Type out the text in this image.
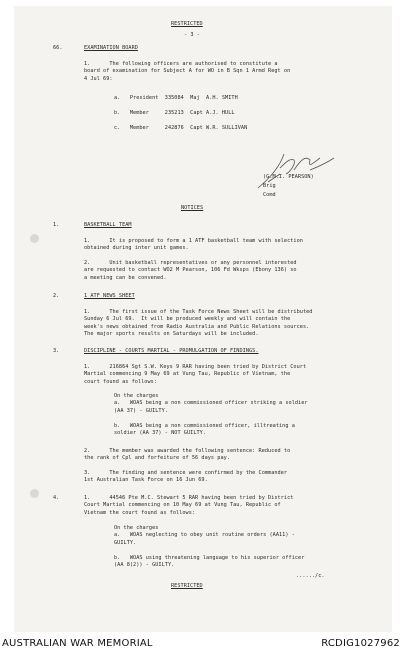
RESTRICTED
- 3 -
66.	EXAMINATION BOARD
1.      The following officers are authorised to constitute a
board of examination for Subject A for WO in B Sqn 1 Armd Regt on
4 Jul 69:
a.   President  335084  Maj  A.H. SMITH
b.   Member     235213  Capt A.J. HULL
c.   Member     242876  Capt W.R. SULLIVAN
(G.M.I. PEARSON)
Brig
Comd
NOTICES
1.	BASKETBALL TEAM
1.      It is proposed to form a 1 ATF basketball team with selection
obtained during inter unit games.
2.      Unit basketball representatives or any personnel interested
are requested to contact WO2 M Pearson, 106 Fd Wksps (Ebony 136) so
a meeting can be convened.
2.	1 ATF NEWS SHEET
1.      The first issue of the Task Force News Sheet will be distributed
Sunday 6 Jul 69.  It will be produced weekly and will contain the
week's news obtained from Radio Australia and Public Relations sources.
The major sports results on Saturdays will be included.
3.	DISCIPLINE - COURTS MARTIAL - PROMULGATION OF FINDINGS.
1.      216864 Sgt S.W. Keys 9 RAR having been tried by District Court
Martial commencing 9 May 69 at Vung Tau, Republic of Vietnam, the
court found as follows:
On the charges
a.   WOAS being a non commissioned officer striking a soldier
(AA 37) - GUILTY.

b.   WOAS being a non commissioned officer, illtreating a
soldier (AA 37) - NOT GUILTY.
2.      The member was awarded the following sentence: Reduced to
the rank of Cpl and forfeiture of 56 days pay.
3.      The finding and sentence were confirmed by the Commander
1st Australian Task Force on 16 Jun 69.
4.	1.      44546 Pte M.C. Stewart 5 RAR having been tried by District
Court Martial commencing on 10 May 69 at Vung Tau, Republic of
Vietnam the court found as follows:
On the charges
a.   WOAS neglecting to obey unit routine orders (AA11) -
GUILTY.

b.   WOAS using threatening language to his superior officer
(AA 8(2)) - GUILTY.
....../c.
RESTRICTED
AUSTRALIAN WAR MEMORIAL	RCDIG1027962
